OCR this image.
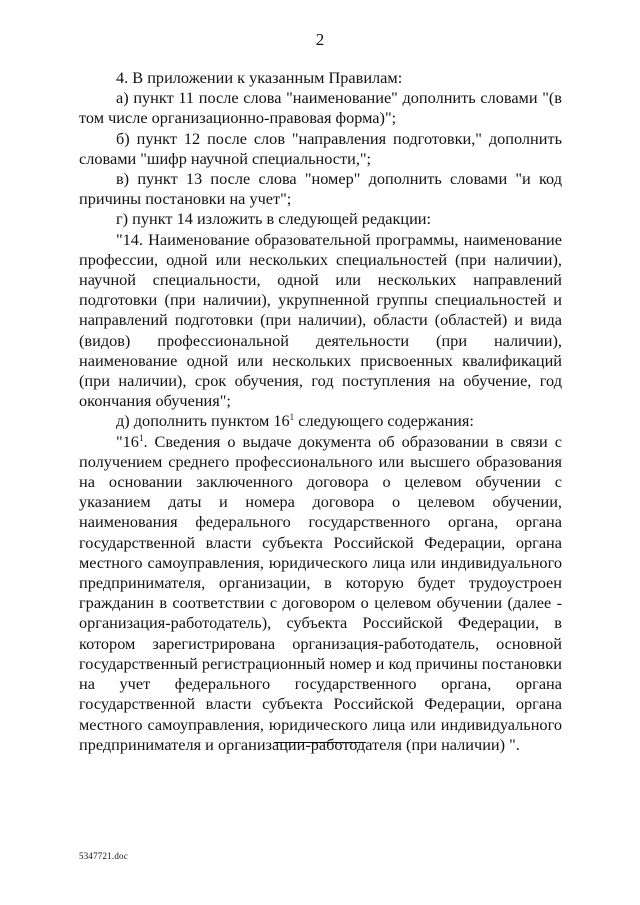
2

4. В приложении к указанным Правилам:

а) пункт 11 после слова "наименование" дополнить словами "(в том числе организационно-правовая форма)";

б) пункт 12 после слов "направления подготовки," дополнить словами "шифр научной специальности,";

в) пункт 13 после слова "номер" дополнить словами "и код причины постановки на учет";

г) пункт 14 изложить в следующей редакции:

"14. Наименование образовательной программы, наименование профессии, одной или нескольких специальностей (при наличии), научной специальности, одной или нескольких направлений подготовки (при наличии), укрупненной группы специальностей и направлений подготовки (при наличии), области (областей) и вида (видов) профессиональной деятельности (при наличии), наименование одной или нескольких присвоенных квалификаций (при наличии), срок обучения, год поступления на обучение, год окончания обучения";

д) дополнить пунктом $16^1$ следующего содержания:

"$16^1$. Сведения о выдаче документа об образовании в связи с получением среднего профессионального или высшего образования на основании заключенного договора о целевом обучении с указанием даты и номера договора о целевом обучении, наименования федерального государственного органа, органа государственной власти субъекта Российской Федерации, органа местного самоуправления, юридического лица или индивидуального предпринимателя, организации, в которую будет трудоустроен гражданин в соответствии с договором о целевом обучении (далее - организация-работодатель), субъекта Российской Федерации, в котором зарегистрирована организация-работодатель, основной государственный регистрационный номер и код причины постановки на учет федерального государственного органа, органа государственной власти субъекта Российской Федерации, органа местного самоуправления, юридического лица или индивидуального предпринимателя и организации-работодателя (при наличии) ".

5347721.doc
